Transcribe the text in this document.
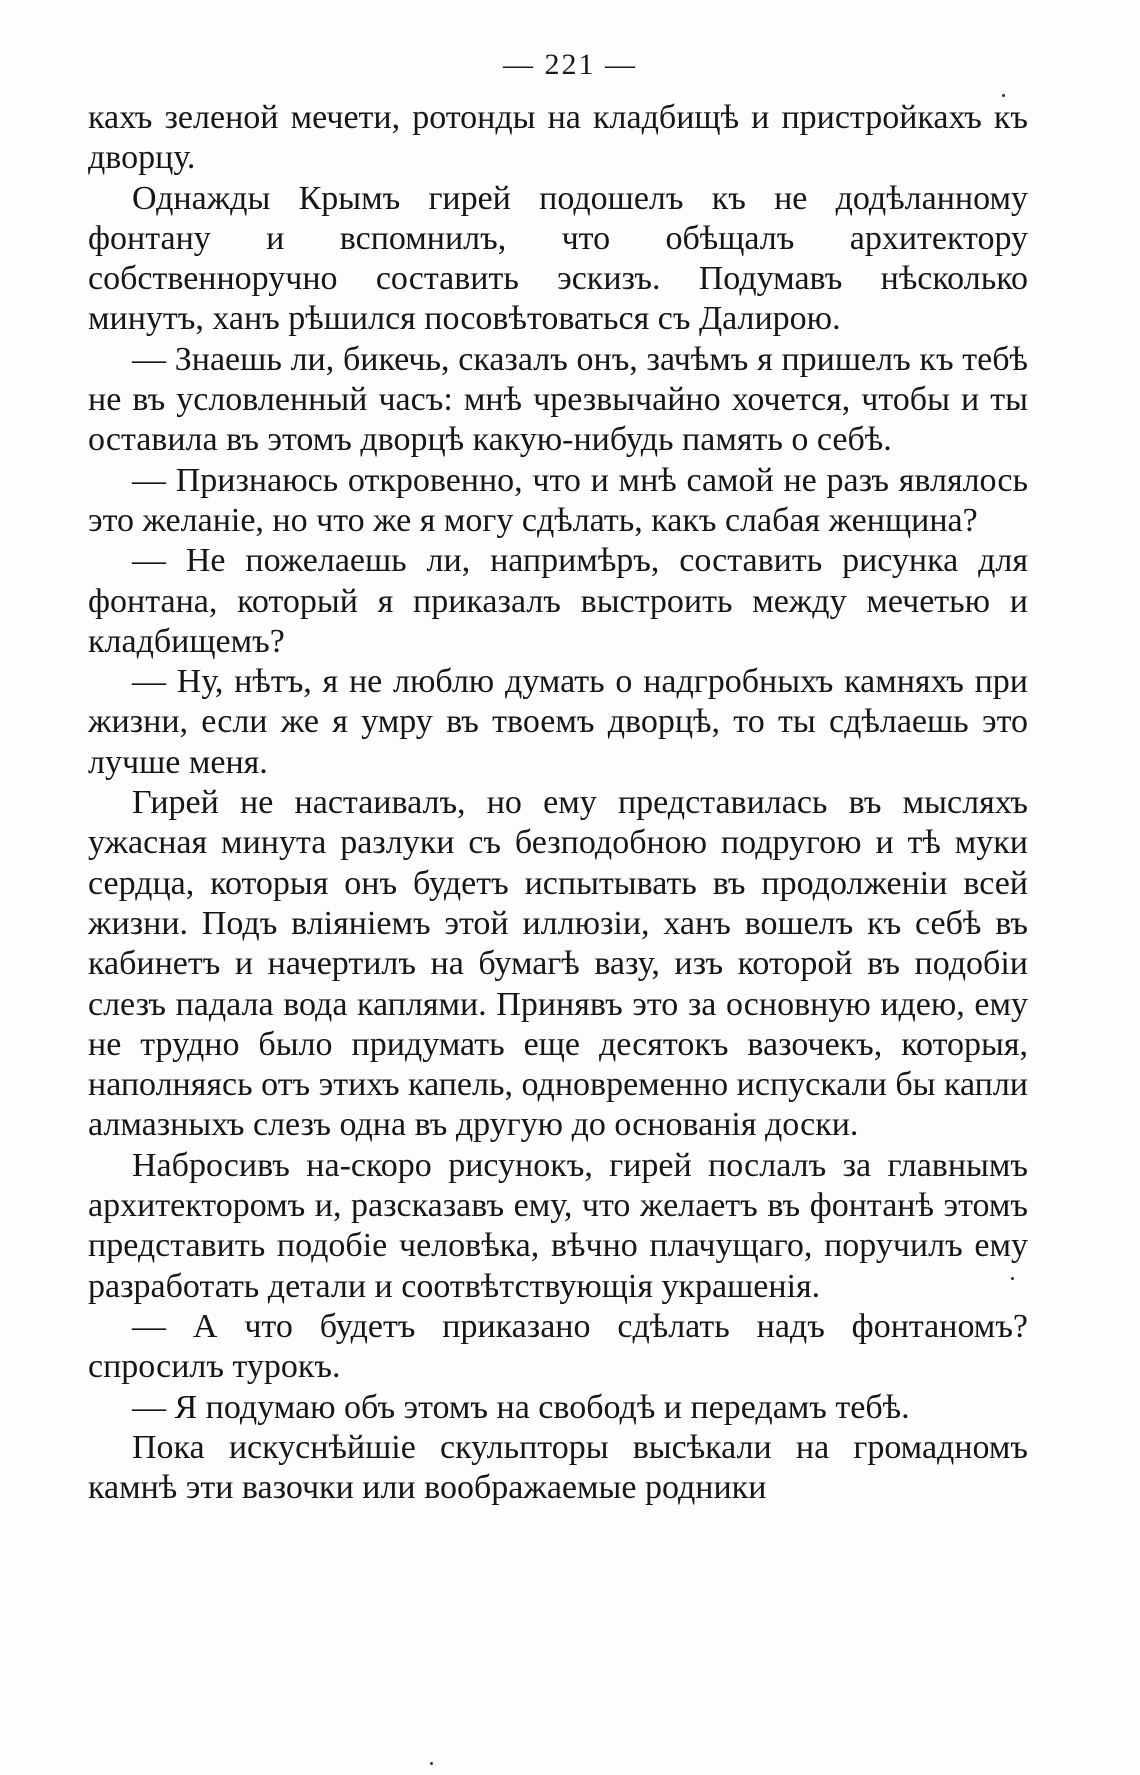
— 221 —

кахъ зеленой мечети, ротонды на кладбищѣ и пристройкахъ къ дворцу.

Однажды Крымъ гирей подошелъ къ не додѣланному фонтану и вспомнилъ, что обѣщалъ архитектору собственноручно составить эскизъ. Подумавъ нѣсколько минутъ, ханъ рѣшился посовѣтоваться съ Далирою.

— Знаешь ли, бикечь, сказалъ онъ, зачѣмъ я пришелъ къ тебѣ не въ условленный часъ: мнѣ чрезвычайно хочется, чтобы и ты оставила въ этомъ дворцѣ какую-нибудь память о себѣ.

— Признаюсь откровенно, что и мнѣ самой не разъ являлось это желаніе, но что же я могу сдѣлать, какъ слабая женщина?

— Не пожелаешь ли, напримѣръ, составить рисунка для фонтана, который я приказалъ выстроить между мечетью и кладбищемъ?

— Ну, нѣтъ, я не люблю думать о надгробныхъ камняхъ при жизни, если же я умру въ твоемъ дворцѣ, то ты сдѣлаешь это лучше меня.

Гирей не настаивалъ, но ему представилась въ мысляхъ ужасная минута разлуки съ безподобною подругою и тѣ муки сердца, которыя онъ будетъ испытывать въ продолженіи всей жизни. Подъ вліяніемъ этой иллюзіи, ханъ вошелъ къ себѣ въ кабинетъ и начертилъ на бумагѣ вазу, изъ которой въ подобіи слезъ падала вода каплями. Принявъ это за основную идею, ему не трудно было придумать еще десятокъ вазочекъ, которыя, наполняясь отъ этихъ капель, одновременно испускали бы капли алмазныхъ слезъ одна въ другую до основанія доски.

Набросивъ на-скоро рисунокъ, гирей послалъ за главнымъ архитекторомъ и, разсказавъ ему, что желаетъ въ фонтанѣ этомъ представить подобіе человѣка, вѣчно плачущаго, поручилъ ему разработать детали и соотвѣтствующія украшенія.

— А что будетъ приказано сдѣлать надъ фонтаномъ? спросилъ турокъ.

— Я подумаю объ этомъ на свободѣ и передамъ тебѣ.

Пока искуснѣйшіе скульпторы высѣкали на громадномъ камнѣ эти вазочки или воображаемые родники
